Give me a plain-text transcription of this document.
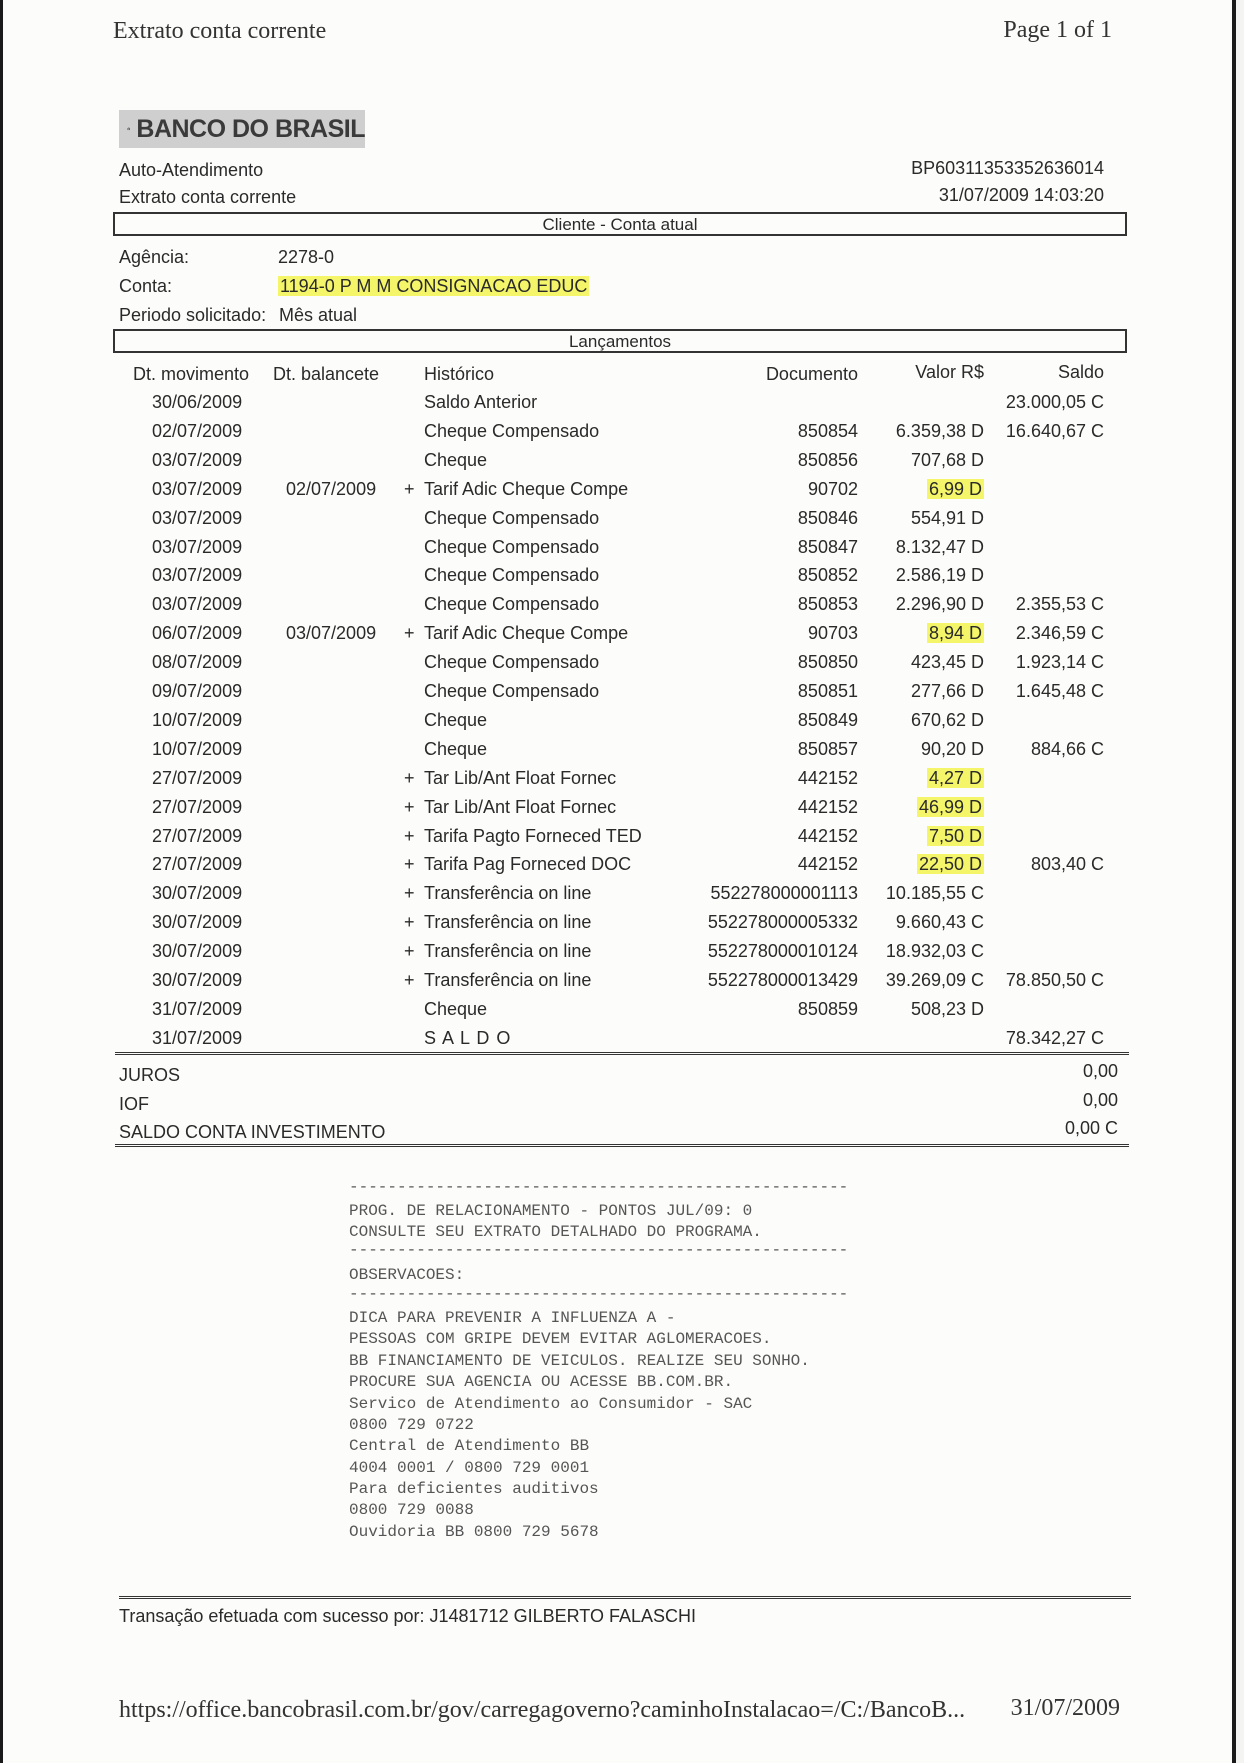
Extrato conta corrente	Page 1 of 1
BANCO DO BRASIL
Auto-Atendimento
Extrato conta corrente
BP60311353352636014
31/07/2009 14:03:20
Cliente - Conta atual
Agência:	2278-0
Conta:	1194-0 P M M CONSIGNACAO EDUC
Periodo solicitado: Mês atual
Lançamentos
Dt. movimento Dt. balancete Histórico	Documento	Valor R$	Saldo
30/06/2009	Saldo Anterior	23.000,05 C
02/07/2009	Cheque Compensado	850854 6.359,38 D 16.640,67 C
03/07/2009	Cheque	850856	707,68 D
03/07/2009 02/07/2009 + Tarif Adic Cheque Compe	90702	6,99 D
03/07/2009	Cheque Compensado	850846	554,91 D
03/07/2009	Cheque Compensado	850847 8.132,47 D
03/07/2009	Cheque Compensado	850852 2.586,19 D
03/07/2009	Cheque Compensado	850853 2.296,90 D 2.355,53 C
06/07/2009 03/07/2009 + Tarif Adic Cheque Compe	90703	8,94 D 2.346,59 C
08/07/2009	Cheque Compensado	850850	423,45 D 1.923,14 C
09/07/2009	Cheque Compensado	850851	277,66 D 1.645,48 C
10/07/2009	Cheque	850849	670,62 D
10/07/2009	Cheque	850857	90,20 D	884,66 C
27/07/2009	+ Tar Lib/Ant Float Fornec	442152	4,27 D
27/07/2009	+ Tar Lib/Ant Float Fornec	442152	46,99 D
27/07/2009	+ Tarifa Pagto Forneced TED	442152	7,50 D
27/07/2009	+ Tarifa Pag Forneced DOC	442152	22,50 D	803,40 C
30/07/2009	+ Transferência on line	552278000001113 10.185,55 C
30/07/2009	+ Transferência on line	552278000005332 9.660,43 C
30/07/2009	+ Transferência on line	552278000010124 18.932,03 C
30/07/2009	+ Transferência on line	552278000013429 39.269,09 C 78.850,50 C
31/07/2009	Cheque	850859	508,23 D
31/07/2009	S A L D O	78.342,27 C
JUROS	0,00
IOF	0,00
SALDO CONTA INVESTIMENTO	0,00 C
----------------------------------------------------
PROG. DE RELACIONAMENTO - PONTOS JUL/09: 0
CONSULTE SEU EXTRATO DETALHADO DO PROGRAMA.
----------------------------------------------------
OBSERVACOES:
----------------------------------------------------
DICA PARA PREVENIR A INFLUENZA A -
PESSOAS COM GRIPE DEVEM EVITAR AGLOMERACOES.
BB FINANCIAMENTO DE VEICULOS. REALIZE SEU SONHO.
PROCURE SUA AGENCIA OU ACESSE BB.COM.BR.
Servico de Atendimento ao Consumidor - SAC
0800 729 0722
Central de Atendimento BB
4004 0001 / 0800 729 0001
Para deficientes auditivos
0800 729 0088
Ouvidoria BB 0800 729 5678
Transação efetuada com sucesso por: J1481712 GILBERTO FALASCHI
https://office.bancobrasil.com.br/gov/carregagoverno?caminhoInstalacao=/C:/BancoB... 31/07/2009
